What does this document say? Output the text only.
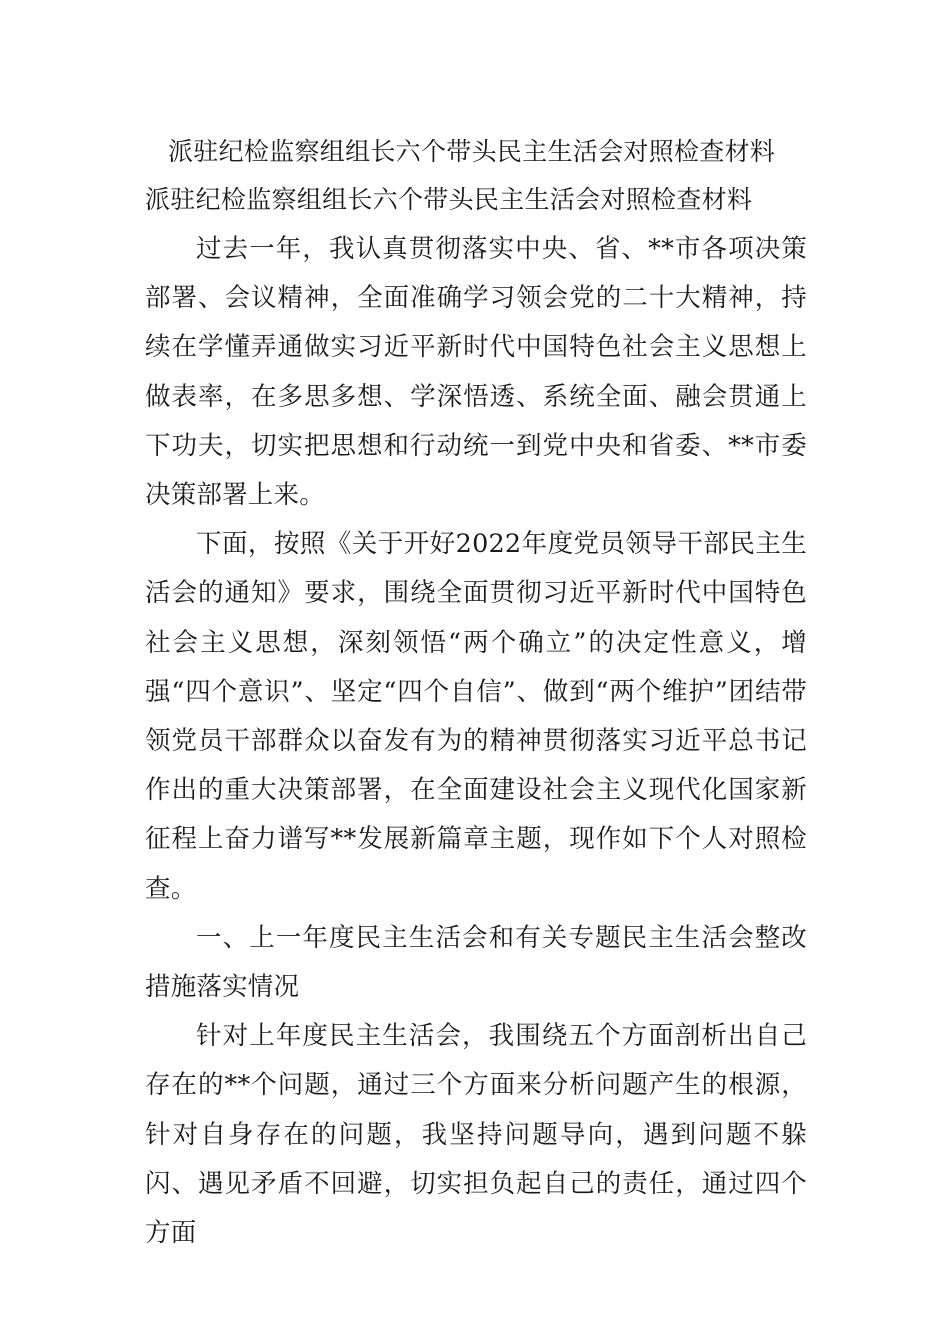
派驻纪检监察组组长六个带头民主生活会对照检查材料
派驻纪检监察组组长六个带头民主生活会对照检查材料

过去一年，我认真贯彻落实中央、省、**市各项决策部署、会议精神，全面准确学习领会党的二十大精神，持续在学懂弄通做实习近平新时代中国特色社会主义思想上做表率，在多思多想、学深悟透、系统全面、融会贯通上下功夫，切实把思想和行动统一到党中央和省委、**市委决策部署上来。

下面，按照《关于开好2022年度党员领导干部民主生活会的通知》要求，围绕全面贯彻习近平新时代中国特色社会主义思想，深刻领悟“两个确立”的决定性意义，增强“四个意识”、坚定“四个自信”、做到“两个维护”团结带领党员干部群众以奋发有为的精神贯彻落实习近平总书记作出的重大决策部署，在全面建设社会主义现代化国家新征程上奋力谱写**发展新篇章主题，现作如下个人对照检查。

一、上一年度民主生活会和有关专题民主生活会整改措施落实情况

针对上年度民主生活会，我围绕五个方面剖析出自己存在的**个问题，通过三个方面来分析问题产生的根源，针对自身存在的问题，我坚持问题导向，遇到问题不躲闪、遇见矛盾不回避，切实担负起自己的责任，通过四个方面
